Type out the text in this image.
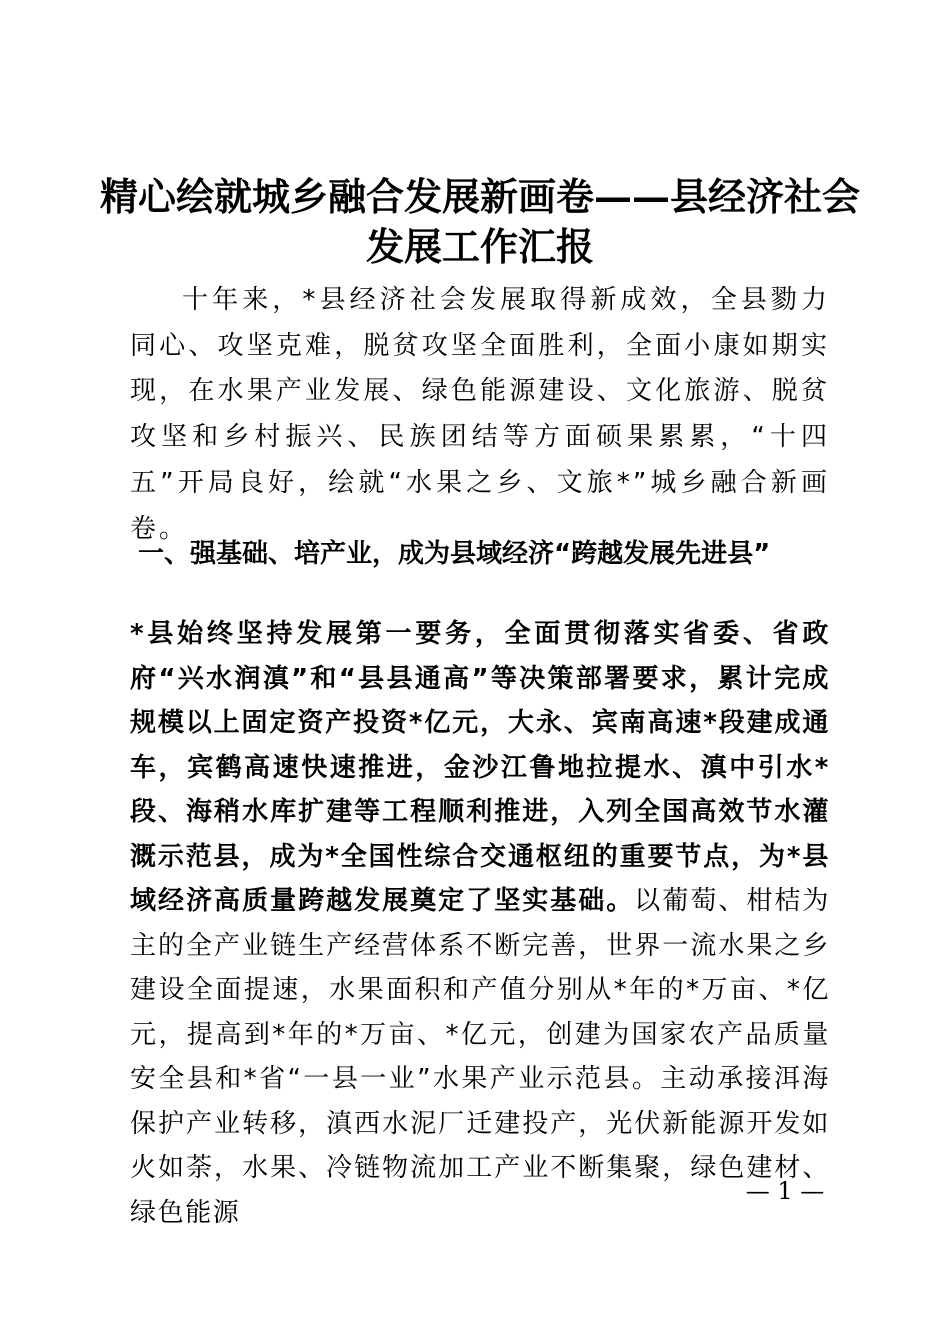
精心绘就城乡融合发展新画卷——县经济社会发展工作汇报

十年来，*县经济社会发展取得新成效，全县勠力同心、攻坚克难，脱贫攻坚全面胜利，全面小康如期实现，在水果产业发展、绿色能源建设、文化旅游、脱贫攻坚和乡村振兴、民族团结等方面硕果累累，“十四五”开局良好，绘就“水果之乡、文旅*”城乡融合新画卷。

一、强基础、培产业，成为县域经济“跨越发展先进县”

*县始终坚持发展第一要务，全面贯彻落实省委、省政府“兴水润滇”和“县县通高”等决策部署要求，累计完成规模以上固定资产投资*亿元，大永、宾南高速*段建成通车，宾鹤高速快速推进，金沙江鲁地拉提水、滇中引水*段、海稍水库扩建等工程顺利推进，入列全国高效节水灌溉示范县，成为*全国性综合交通枢纽的重要节点，为*县域经济高质量跨越发展奠定了坚实基础。以葡萄、柑桔为主的全产业链生产经营体系不断完善，世界一流水果之乡建设全面提速，水果面积和产值分别从*年的*万亩、*亿元，提高到*年的*万亩、*亿元，创建为国家农产品质量安全县和*省“一县一业”水果产业示范县。主动承接洱海保护产业转移，滇西水泥厂迁建投产，光伏新能源开发如火如荼，水果、冷链物流加工产业不断集聚，绿色建材、绿色能源

— 1 —
